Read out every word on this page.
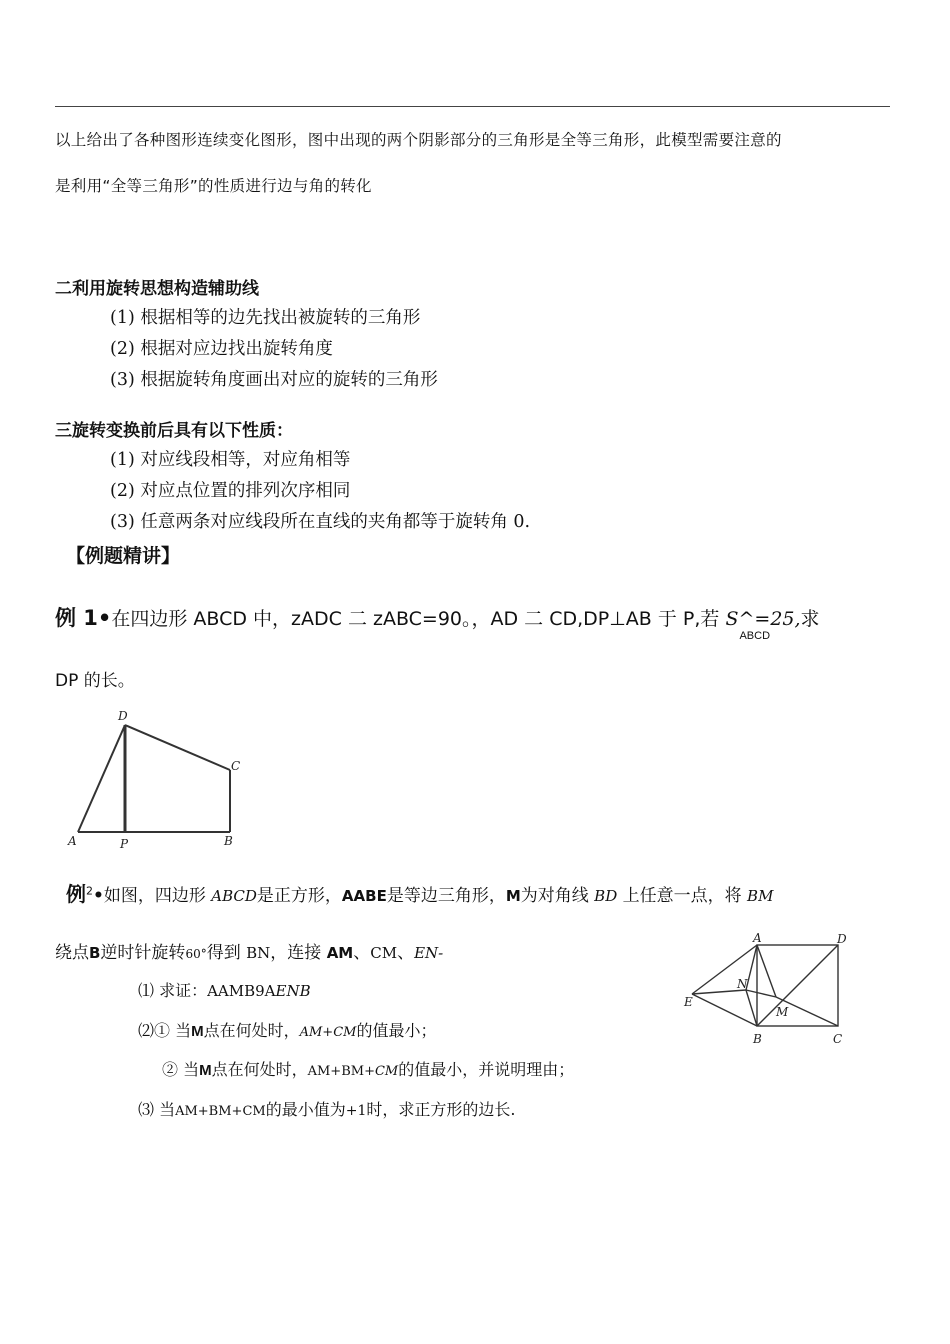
以上给出了各种图形连续变化图形，图中出现的两个阴影部分的三角形是全等三角形，此模型需要注意的
是利用“全等三角形”的性质进行边与角的转化
二利用旋转思想构造辅助线
(1) 根据相等的边先找出被旋转的三角形
(2) 根据对应边找出旋转角度
(3) 根据旋转角度画出对应的旋转的三角形
三旋转变换前后具有以下性质：
(1) 对应线段相等，对应角相等
(2) 对应点位置的排列次序相同
(3) 任意两条对应线段所在直线的夹角都等于旋转角 0.
【例题精讲】
例 1•在四边形 ABCD 中，zADC 二 zABC=90。，AD 二 CD,DP⊥AB 于 P,若 S^=25,
ABCD
求
DP 的长。
A	P	B
C
D
例$^2$•如图，四边形 ABCD是正方形，AABE是等边三角形，M为对角线 BD 上任意一点，将 BM
绕点B逆时针旋转60°得到 BN，连接 AM、CM、EN-
⑴ 求证：AAMB9AENB
⑵① 当M点在何处时，AM+CM的值最小；
② 当M点在何处时，AM+BM+CM的值最小，并说明理由；
⑶ 当AM+BM+CM的最小值为+1时，求正方形的边长.
A	D
E
N
M
B	C
